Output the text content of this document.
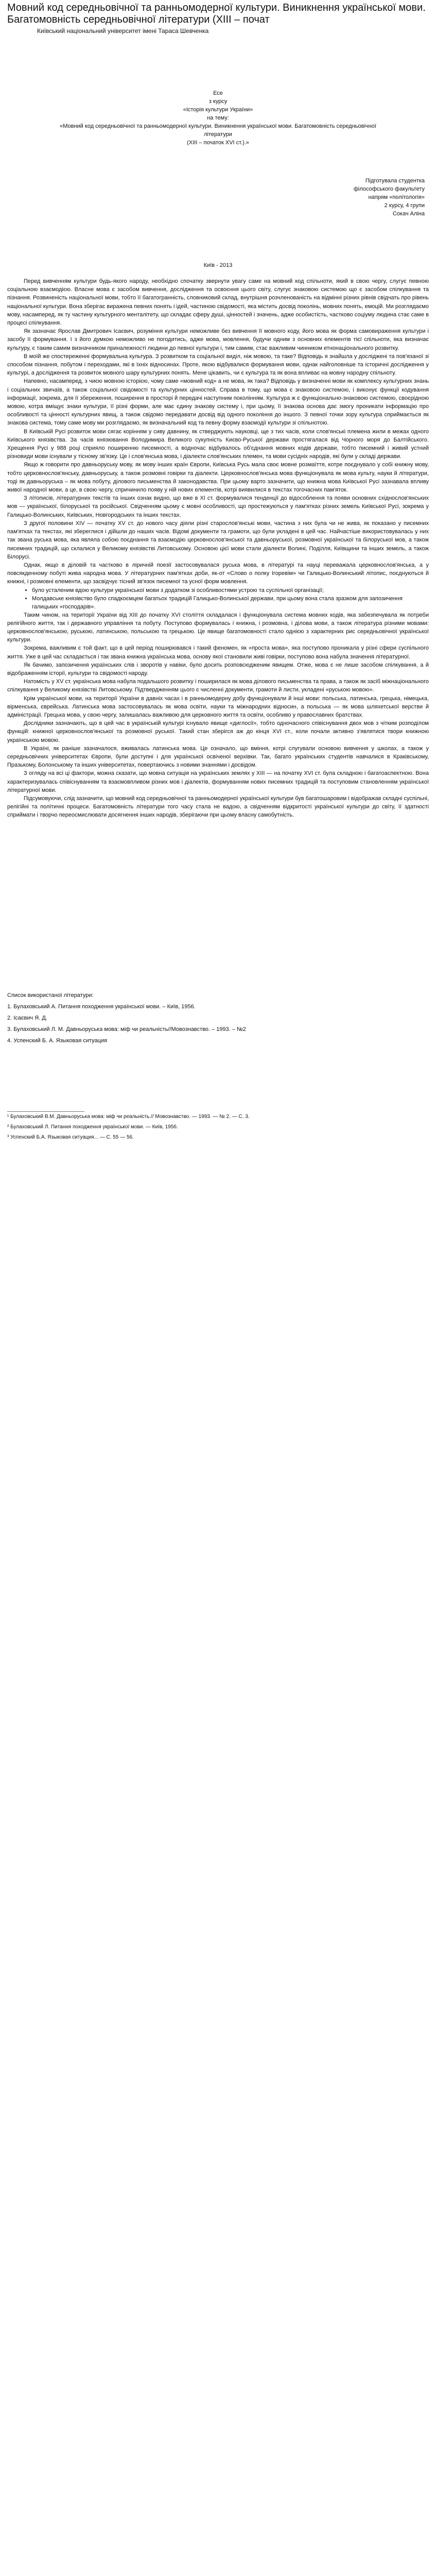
Мовний код середньовічної та ранньомодерної культури. Виникнення української мови. Багатомовність середньовічної літератури (XIII – почат
Київський національний університет імені Тараса Шевченка
Есе
з курсу
«Історія культури України»
на тему:
«Мовний код середньовічної та ранньомодерної культури. Виникнення української мови. Багатомовність середньовічної літератури
(XIII – початок XVI ст.).»
Підготувала студентка
філософського факультету
напрям «політологія»
2 курсу, 4 групи
Сокач Аліна
Київ - 2013

Перед вивченням культури будь-якого народу, необхідно спочатку звернути увагу саме на мовний код спільноти, який в свою чергу, слугує певною соціальною взаємодією. Власне мова є засобом вивчення, дослідження та освоєння цього світу, слугує знаковою системою що є засобом спілкування та пізнання. Розвиненість національної мови, тобто її багатогранність, словниковий склад, внутрішня розчленованість на відмінні різних рівнів свідчать про рівень національної культури. Вона зберігає виражена певних понять і ідей, частиною свідомості, яка містить досвід поколінь, мовних понять, емоцій. Ми розглядаємо мову, насамперед, як ту частину культурного менталітету, що складає сферу душі, цінностей і значень, адже особистість, частково соціуму людина стає саме в процесі спілкування.

Як зазначає Ярослав Дмитрович Ісаєвич, розуміння культури неможливе без вивчення її мовного коду, його мова як форма самовираження культури і засобу її формування. І з його думкою неможливо не погодитись, адже мова, мовлення, будучи одним з основних елементів тієї спільноти, яка визначає культуру, є таким самим визначником приналежності людини до певної культури і, тим самим, стає важливим чинником етнонаціонального розвитку.

В моїй же спостереженні формувальна культура. З розвитком та соціальної виділ, ніж мовою, та таке? Відповідь я знайшла у досліджені та пов'язаної зі способом пізнання, побутом і переходами, які в їхніх відносинах. Проте, якою відбувалися формування мови, однак найголовніше та історичні дослідження у культурі, а дослідження та розвиток мовного шару культурних понять. Мене цікавить, чи є культура та як вона впливає на мовну народну спільноту.

Напевно, насамперед, з чиєю мовною історією, чому саме «мовний код» а не мова, як така? Відповідь у визначенні мови як комплексу культурних знань і соціальних звичаїв, а також соціальної свідомості та культурних цінностей. Справа в тому, що мова є знаковою системою, і виконує функції кодування інформації, зокрема, для її збереження, поширення в просторі й передачі наступним поколінням. Культура ж є функціонально-знаковою системою, своєрідною мовою, котра вміщує знаки культури, її різні форми, але має єдину знакову систему і, при цьому, її знакова основа дає змогу проникати інформацію про особливості та цінності культурних явищ, а також свідомо передавати досвід від одного покоління до іншого. З певної точки зору культура сприймається як знакова система, тому саме мову ми розглядаємо, як визначальний код та певну форму взаємодії культури зі спільнотою.

В Київській Русі розвиток мови сягає корінням у сиву давнину, як стверджують науковці, ще з тих часів, коли слов'янські племена жили в межах одного Київського князівства. За часів князювання Володимира Великого сукупність Києво-Руської держави простягалася від Чорного моря до Балтійського. Хрещення Русі у 988 році сприяло поширенню писемності, а водночас відбувалось об'єднання мовних кодів держави, тобто писемний і живий устний різновиди мови існували у тісному зв'язку. Це і слов'янська мова, і діалекти слов'янських племен, та мови сусідніх народів, які були у складі держави.

Якщо ж говорити про давньоруську мову, як мову інших країн Європи, Київська Русь мала своє мовне розмаїття, котре поєднувало у собі книжну мову, тобто церковнослов'янську, давньоруську, а також розмовні говірки та діалекти. Церковнослов'янська мова функціонувала як мова культу, науки й літератури, тоді як давньоруська – як мова побуту, ділового письменства й законодавства. При цьому варто зазначити, що книжна мова Київської Русі зазнавала впливу живої народної мови, а це, в свою чергу, спричинило появу у ній нових елементів, котрі виявилися в текстах тогочасних пам'яток.

З літописів, літературних текстів та інших ознак видно, що вже в XI ст. формувалися тенденції до відособлення та появи основних східнослов'янських мов — української, білоруської та російської. Свідченням цьому є мовні особливості, що простежуються у пам'ятках різних земель Київської Русі, зокрема у Галицько-Волинських, Київських, Новгородських та інших текстах.

З другої половини XIV — початку XV ст. до нового часу діяли різні старослов'янські мови, частина з них була чи не жива, як показано у писемних пам'ятках та текстах, які збереглися і дійшли до наших часів. Відомі документи та грамоти, що були укладені в цей час. Найчастіше використовувалась у них так звана руська мова, яка являла собою поєднання та взаємодію церковнослов'янської та давньоруської, розмовної української та білоруської мов, а також писемних традицій, що склалися у Великому князівстві Литовському. Основою цієї мови стали діалекти Волині, Поділля, Київщини та інших земель, а також Білорусі.

Однак, якщо в діловій та частково в ліричній поезії застосовувалася руська мова, в літературі та науці переважала церковнослов'янська, а у повсякденному побуті жива народна мова. У літературних пам'ятках доби, як-от «Слово о полку Ігоревім» чи Галицько-Волинський літопис, поєднуються й книжні, і розмовні елементи, що засвідчує тісний зв'язок писемної та усної форм мовлення.

• було усталеним вдою культури української мови з додатком зі особливостями устрою та суспільної організації;
• Молдавське князівство було спадкоємцем багатьох традицій Галицько-Волинської держави, при цьому вона стала зразком для запозичення галицьких «господарів».

Таким чином, на території України від XIII до початку XVI століття складалася і функціонувала система мовних кодів, яка забезпечувала як потреби релігійного життя, так і державного управління та побуту. Поступово формувалась і книжна, і розмовна, і ділова мови, а також література різними мовами: церковнослов'янською, руською, латинською, польською та грецькою. Це явище багатомовності стало однією з характерних рис середньовічної української культури.

Зокрема, важливим є той факт, що в цей період поширювався і такий феномен, як «проста мова», яка поступово проникала у різні сфери суспільного життя. Уже в цей час складається і так звана книжна українська мова, основу якої становили живі говірки, поступово вона набула значення літературної.

Як бачимо, запозичення українських слів і зворотів у навіки, було досить розповсюдженим явищем. Отже, мова є не лише засобом спілкування, а й відображенням історії, культури та свідомості народу.

Натомість у XV ст. українська мова набула подальшого розвитку і поширилася як мова ділового письменства та права, а також як засіб міжнаціонального спілкування у Великому князівстві Литовському. Підтвердженням цього є численні документи, грамоти й листи, укладені «руською мовою».

Крім української мови, на території України в давніх часах і в ранньомодерну добу функціонували й інші мови: польська, латинська, грецька, німецька, вірменська, єврейська. Латинська мова застосовувалась як мова освіти, науки та міжнародних відносин, а польська — як мова шляхетської верстви й адміністрації. Грецька мова, у свою чергу, залишалась важливою для церковного життя та освіти, особливо у православних братствах.

Дослідники зазначають, що в цей час в українській культурі існувало явище «диглосії», тобто одночасного співіснування двох мов з чітким розподілом функцій: книжної церковнослов'янської та розмовної руської. Такий стан зберігся аж до кінця XVI ст., коли почали активно з'являтися твори книжною українською мовою.

В Україні, як раніше зазначалося, вживалась латинська мова. Це означало, що вміння, котрі слугували основою вивчення у школах, а також у середньовічних університетах Європи, були доступні і для української освіченої верхівки. Так, багато українських студентів навчалися в Краківському, Празькому, Болонському та інших університетах, повертаючись з новими знаннями і досвідом.

З огляду на всі ці фактори, можна сказати, що мовна ситуація на українських землях у XIII — на початку XVI ст. була складною і багатоаспектною. Вона характеризувалась співіснуванням та взаємовпливом різних мов і діалектів, формуванням нових писемних традицій та поступовим становленням української літературної мови.

Підсумовуючи, слід зазначити, що мовний код середньовічної та ранньомодерної української культури був багатошаровим і відображав складні суспільні, релігійні та політичні процеси. Багатомовність літератури того часу стала не вадою, а свідченням відкритості української культури до світу, її здатності сприймати і творчо переосмислювати досягнення інших народів, зберігаючи при цьому власну самобутність.

Список використаної літератури:
1. Булаховський А. Питання походження української мови. – Київ, 1956.
2. Ісаєвич Я. Д.
3. Булаховський Л. М. Давньоруська мова: міф чи реальність//Мовознавство. – 1993. – №2
4. Успенский Б. А. Языковая ситуация
¹ Булаховський В.М. Давньоруська мова: міф чи реальність.// Мовознавство. — 1993. — № 2. — С. 3.
² Булаховський Л. Питання походження української мови. — Київ, 1956.
³ Успенский Б.А. Языковая ситуация... — С. 55 — 56.
